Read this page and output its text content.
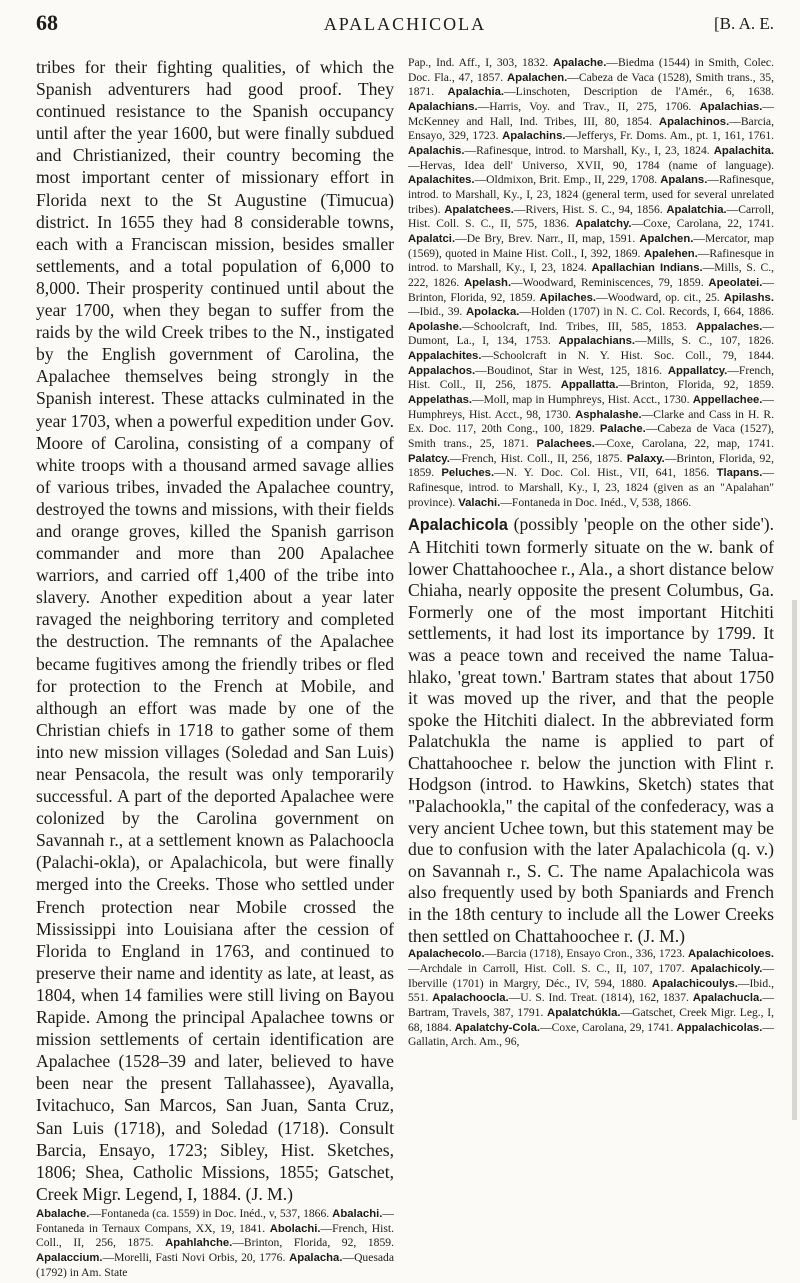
68	APALACHICOLA	[B. A. E.

tribes for their fighting qualities, of which the Spanish adventurers had good proof. They continued resistance to the Spanish occupancy until after the year 1600, but were finally subdued and Christianized, their country becoming the most important center of missionary effort in Florida next to the St Augustine (Timucua) district. In 1655 they had 8 considerable towns, each with a Franciscan mission, besides smaller settlements, and a total population of 6,000 to 8,000. Their prosperity continued until about the year 1700, when they began to suffer from the raids by the wild Creek tribes to the N., instigated by the English government of Carolina, the Apalachee themselves being strongly in the Spanish interest. These attacks culminated in the year 1703, when a powerful expedition under Gov. Moore of Carolina, consisting of a company of white troops with a thousand armed savage allies of various tribes, invaded the Apalachee country, destroyed the towns and missions, with their fields and orange groves, killed the Spanish garrison commander and more than 200 Apalachee warriors, and carried off 1,400 of the tribe into slavery. Another expedition about a year later ravaged the neighboring territory and completed the destruction. The remnants of the Apalachee became fugitives among the friendly tribes or fled for protection to the French at Mobile, and although an effort was made by one of the Christian chiefs in 1718 to gather some of them into new mission villages (Soledad and San Luis) near Pensacola, the result was only temporarily successful. A part of the deported Apalachee were colonized by the Carolina government on Savannah r., at a settlement known as Palachoocla (Palachi-okla), or Apalachicola, but were finally merged into the Creeks. Those who settled under French protection near Mobile crossed the Mississippi into Louisiana after the cession of Florida to England in 1763, and continued to preserve their name and identity as late, at least, as 1804, when 14 families were still living on Bayou Rapide. Among the principal Apalachee towns or mission settlements of certain identification are Apalachee (1528–39 and later, believed to have been near the present Tallahassee), Ayavalla, Ivitachuco, San Marcos, San Juan, Santa Cruz, San Luis (1718), and Soledad (1718). Consult Barcia, Ensayo, 1723; Sibley, Hist. Sketches, 1806; Shea, Catholic Missions, 1855; Gatschet, Creek Migr. Legend, I, 1884. (J. M.)

Abalache.—Fontaneda (ca. 1559) in Doc. Inéd., v, 537, 1866. Abalachi.—Fontaneda in Ternaux Compans, XX, 19, 1841. Abolachi.—French, Hist. Coll., II, 256, 1875. Apahlahche.—Brinton, Florida, 92, 1859. Apalaccium.—Morelli, Fasti Novi Orbis, 20, 1776. Apalacha.—Quesada (1792) in Am. State

Pap., Ind. Aff., I, 303, 1832. Apalache.—Biedma (1544) in Smith, Colec. Doc. Fla., 47, 1857. Apalachen.—Cabeza de Vaca (1528), Smith trans., 35, 1871. Apalachia.—Linschoten, Description de l'Amér., 6, 1638. Apalachians.—Harris, Voy. and Trav., II, 275, 1706. Apalachias.—McKenney and Hall, Ind. Tribes, III, 80, 1854. Apalachinos.—Barcia, Ensayo, 329, 1723. Apalachins.—Jefferys, Fr. Doms. Am., pt. 1, 161, 1761. Apalachis.—Rafinesque, introd. to Marshall, Ky., I, 23, 1824. Apalachita.—Hervas, Idea dell' Universo, XVII, 90, 1784 (name of language). Apalachites.—Oldmixon, Brit. Emp., II, 229, 1708. Apalans.—Rafinesque, introd. to Marshall, Ky., I, 23, 1824 (general term, used for several unrelated tribes). Apalatchees.—Rivers, Hist. S. C., 94, 1856. Apalatchia.—Carroll, Hist. Coll. S. C., II, 575, 1836. Apalatchy.—Coxe, Carolana, 22, 1741. Apalatci.—De Bry, Brev. Narr., II, map, 1591. Apalchen.—Mercator, map (1569), quoted in Maine Hist. Coll., I, 392, 1869. Apalehen.—Rafinesque in introd. to Marshall, Ky., I, 23, 1824. Apallachian Indians.—Mills, S. C., 222, 1826. Apelash.—Woodward, Reminiscences, 79, 1859. Apeolatei.—Brinton, Florida, 92, 1859. Apilaches.—Woodward, op. cit., 25. Apilashs.—Ibid., 39. Apolacka.—Holden (1707) in N. C. Col. Records, I, 664, 1886. Apolashe.—Schoolcraft, Ind. Tribes, III, 585, 1853. Appalaches.—Dumont, La., I, 134, 1753. Appalachians.—Mills, S. C., 107, 1826. Appalachites.—Schoolcraft in N. Y. Hist. Soc. Coll., 79, 1844. Appalachos.—Boudinot, Star in West, 125, 1816. Appallatcy.—French, Hist. Coll., II, 256, 1875. Appallatta.—Brinton, Florida, 92, 1859. Appelathas.—Moll, map in Humphreys, Hist. Acct., 1730. Appellachee.—Humphreys, Hist. Acct., 98, 1730. Asphalashe.—Clarke and Cass in H. R. Ex. Doc. 117, 20th Cong., 100, 1829. Palache.—Cabeza de Vaca (1527), Smith trans., 25, 1871. Palachees.—Coxe, Carolana, 22, map, 1741. Palatcy.—French, Hist. Coll., II, 256, 1875. Palaxy.—Brinton, Florida, 92, 1859. Peluches.—N. Y. Doc. Col. Hist., VII, 641, 1856. Tlapans.—Rafinesque, introd. to Marshall, Ky., I, 23, 1824 (given as an "Apalahan" province). Valachi.—Fontaneda in Doc. Inéd., V, 538, 1866.

Apalachicola (possibly 'people on the other side'). A Hitchiti town formerly situate on the w. bank of lower Chattahoochee r., Ala., a short distance below Chiaha, nearly opposite the present Columbus, Ga. Formerly one of the most important Hitchiti settlements, it had lost its importance by 1799. It was a peace town and received the name Talua-hlako, 'great town.' Bartram states that about 1750 it was moved up the river, and that the people spoke the Hitchiti dialect. In the abbreviated form Palatchukla the name is applied to part of Chattahoochee r. below the junction with Flint r. Hodgson (introd. to Hawkins, Sketch) states that "Palachookla," the capital of the confederacy, was a very ancient Uchee town, but this statement may be due to confusion with the later Apalachicola (q. v.) on Savannah r., S. C. The name Apalachicola was also frequently used by both Spaniards and French in the 18th century to include all the Lower Creeks then settled on Chattahoochee r. (J. M.)

Apalachecolo.—Barcia (1718), Ensayo Cron., 336, 1723. Apalachicoloes.—Archdale in Carroll, Hist. Coll. S. C., II, 107, 1707. Apalachicoly.—Iberville (1701) in Margry, Déc., IV, 594, 1880. Apalachicoulys.—Ibid., 551. Apalachoocla.—U. S. Ind. Treat. (1814), 162, 1837. Apalachucla.—Bartram, Travels, 387, 1791. Apalatchúkla.—Gatschet, Creek Migr. Leg., I, 68, 1884. Apalatchy-Cola.—Coxe, Carolana, 29, 1741. Appalachicolas.—Gallatin, Arch. Am., 96,
